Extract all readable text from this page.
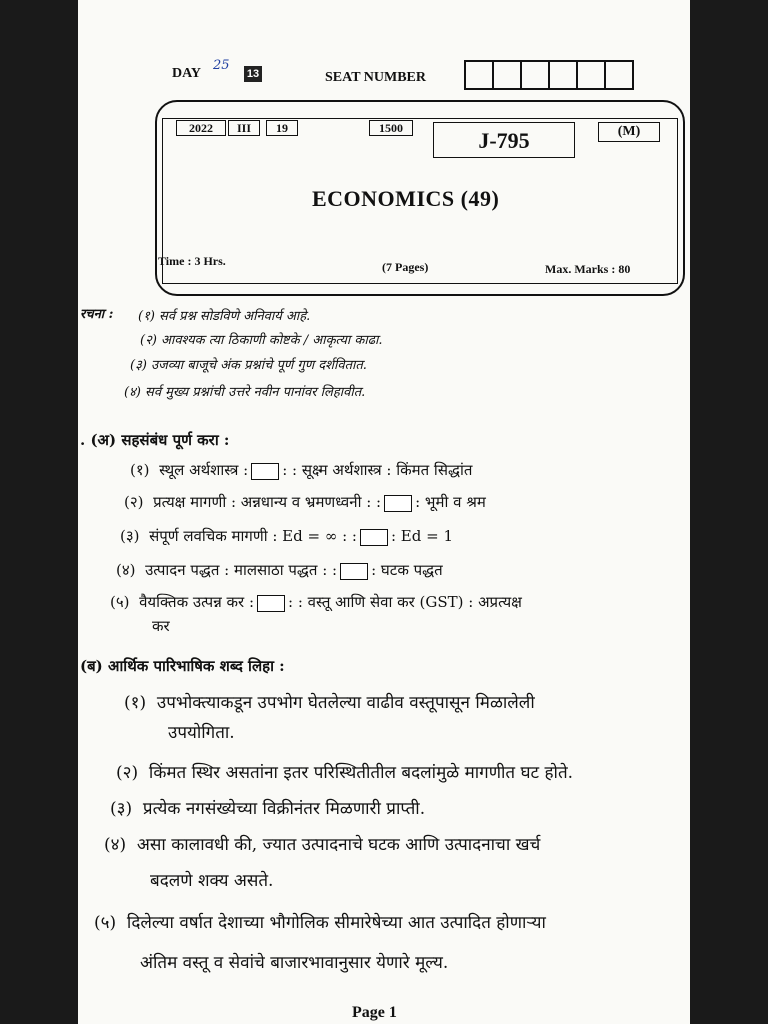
DAY
25
13	SEAT NUMBER
2022	III	19	1500	J-795	(M)
ECONOMICS (49)
Time : 3 Hrs.	(7 Pages)	Max. Marks : 80
रचना : (१) सर्व प्रश्न सोडविणे अनिवार्य आहे.
(२) आवश्यक त्या ठिकाणी कोष्टके / आकृत्या काढा.
(३) उजव्या बाजूचे अंक प्रश्नांचे पूर्ण गुण दर्शवितात.
(४) सर्व मुख्य प्रश्नांची उत्तरे नवीन पानांवर लिहावीत.
. (अ) सहसंबंध पूर्ण करा :
(१) स्थूल अर्थशास्त्र : : : सूक्ष्म अर्थशास्त्र : किंमत सिद्धांत
(२) प्रत्यक्ष मागणी : अन्नधान्य व भ्रमणध्वनी : : : भूमी व श्रम
(३) संपूर्ण लवचिक मागणी : Ed = ∞ : : : Ed = 1
(४) उत्पादन पद्धत : मालसाठा पद्धत : : : घटक पद्धत
(५) वैयक्तिक उत्पन्न कर : : : वस्तू आणि सेवा कर (GST) : अप्रत्यक्ष
कर
(ब) आर्थिक पारिभाषिक शब्द लिहा :
(१) उपभोक्त्याकडून उपभोग घेतलेल्या वाढीव वस्तूपासून मिळालेली
उपयोगिता.
(२) किंमत स्थिर असतांना इतर परिस्थितीतील बदलांमुळे मागणीत घट होते.
(३) प्रत्येक नगसंख्येच्या विक्रीनंतर मिळणारी प्राप्ती.
(४) असा कालावधी की, ज्यात उत्पादनाचे घटक आणि उत्पादनाचा खर्च
बदलणे शक्य असते.
(५) दिलेल्या वर्षात देशाच्या भौगोलिक सीमारेषेच्या आत उत्पादित होणाऱ्या
अंतिम वस्तू व सेवांचे बाजारभावानुसार येणारे मूल्य.
Page 1
